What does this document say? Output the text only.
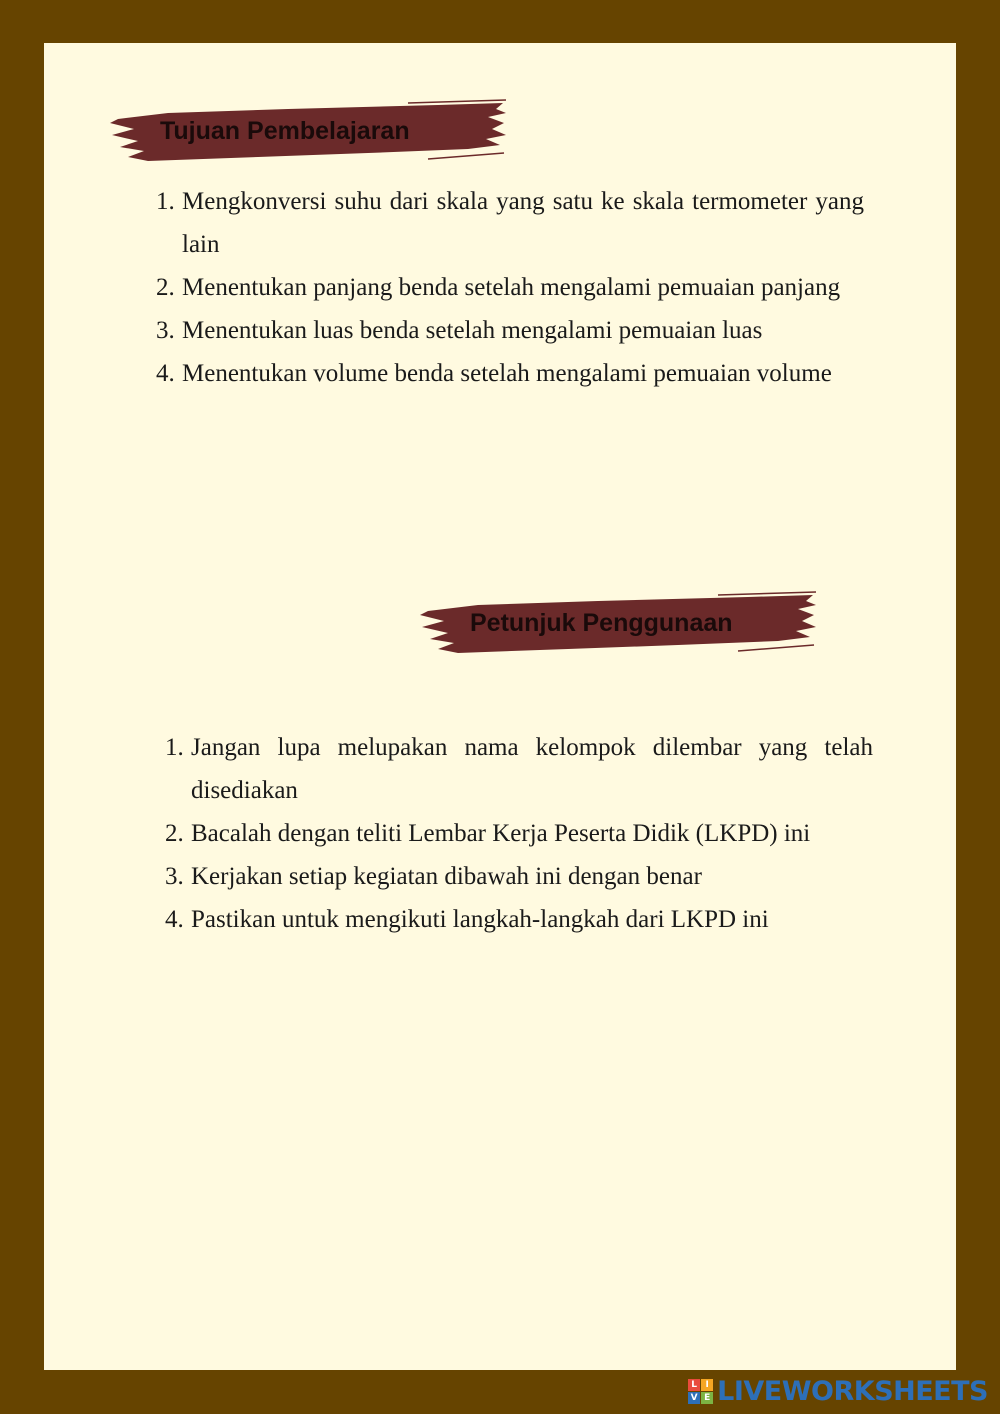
Tujuan Pembelajaran
1. Mengkonversi suhu dari skala yang satu ke skala termometer yang lain
2. Menentukan panjang benda setelah mengalami pemuaian panjang
3. Menentukan luas benda setelah mengalami pemuaian luas
4. Menentukan volume benda setelah mengalami pemuaian volume
Petunjuk Penggunaan
1. Jangan lupa melupakan nama kelompok dilembar yang telah disediakan
2. Bacalah dengan teliti Lembar Kerja Peserta Didik (LKPD) ini
3. Kerjakan setiap kegiatan dibawah ini dengan benar
4. Pastikan untuk mengikuti langkah-langkah dari LKPD ini
L I
V E LIVEWORKSHEETS
